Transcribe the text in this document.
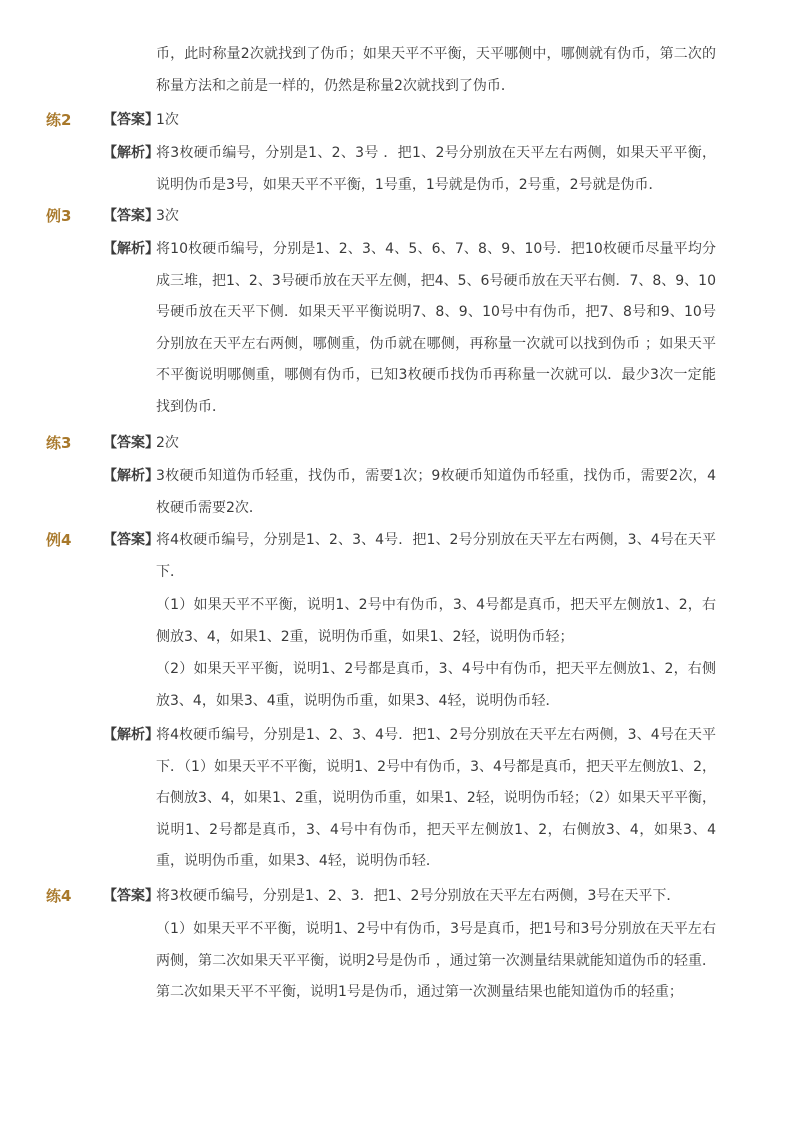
币，此时称量2次就找到了伪币；如果天平不平衡，天平哪侧中，哪侧就有伪币，第二次的称量方法和之前是一样的，仍然是称量2次就找到了伪币．
练2 【答案】
1次
【解析】
将3枚硬币编号，分别是1、2、3号 ．把1、2号分别放在天平左右两侧，如果天平平衡，说明伪币是3号，如果天平不平衡，1号重，1号就是伪币，2号重，2号就是伪币．
例3 【答案】
3次
【解析】
将10枚硬币编号，分别是1、2、3、4、5、6、7、8、9、10号．把10枚硬币尽量平均分成三堆，把1、2、3号硬币放在天平左侧，把4、5、6号硬币放在天平右侧．7、8、9、10号硬币放在天平下侧．如果天平平衡说明7、8、9、10号中有伪币，把7、8号和9、10号分别放在天平左右两侧，哪侧重，伪币就在哪侧，再称量一次就可以找到伪币 ；如果天平不平衡说明哪侧重，哪侧有伪币，已知3枚硬币找伪币再称量一次就可以．最少3次一定能找到伪币．
练3 【答案】
2次
【解析】
3枚硬币知道伪币轻重，找伪币，需要1次；9枚硬币知道伪币轻重，找伪币，需要2次，4枚硬币需要2次．
例4 【答案】
将4枚硬币编号，分别是1、2、3、4号．把1、2号分别放在天平左右两侧，3、4号在天平下．
（1）如果天平不平衡，说明1、2号中有伪币，3、4号都是真币，把天平左侧放1、2，右侧放3、4，如果1、2重，说明伪币重，如果1、2轻，说明伪币轻；
（2）如果天平平衡，说明1、2号都是真币，3、4号中有伪币，把天平左侧放1、2，右侧放3、4，如果3、4重，说明伪币重，如果3、4轻，说明伪币轻．
【解析】
将4枚硬币编号，分别是1、2、3、4号．把1、2号分别放在天平左右两侧，3、4号在天平下．（1）如果天平不平衡，说明1、2号中有伪币，3、4号都是真币，把天平左侧放1、2，右侧放3、4，如果1、2重，说明伪币重，如果1、2轻，说明伪币轻；（2）如果天平平衡，说明1、2号都是真币，3、4号中有伪币，把天平左侧放1、2，右侧放3、4，如果3、4重，说明伪币重，如果3、4轻，说明伪币轻．
练4 【答案】
将3枚硬币编号，分别是1、2、3．把1、2号分别放在天平左右两侧，3号在天平下．
（1）如果天平不平衡，说明1、2号中有伪币，3号是真币，把1号和3号分别放在天平左右两侧，第二次如果天平平衡，说明2号是伪币 ，通过第一次测量结果就能知道伪币的轻重．第二次如果天平不平衡，说明1号是伪币，通过第一次测量结果也能知道伪币的轻重；
